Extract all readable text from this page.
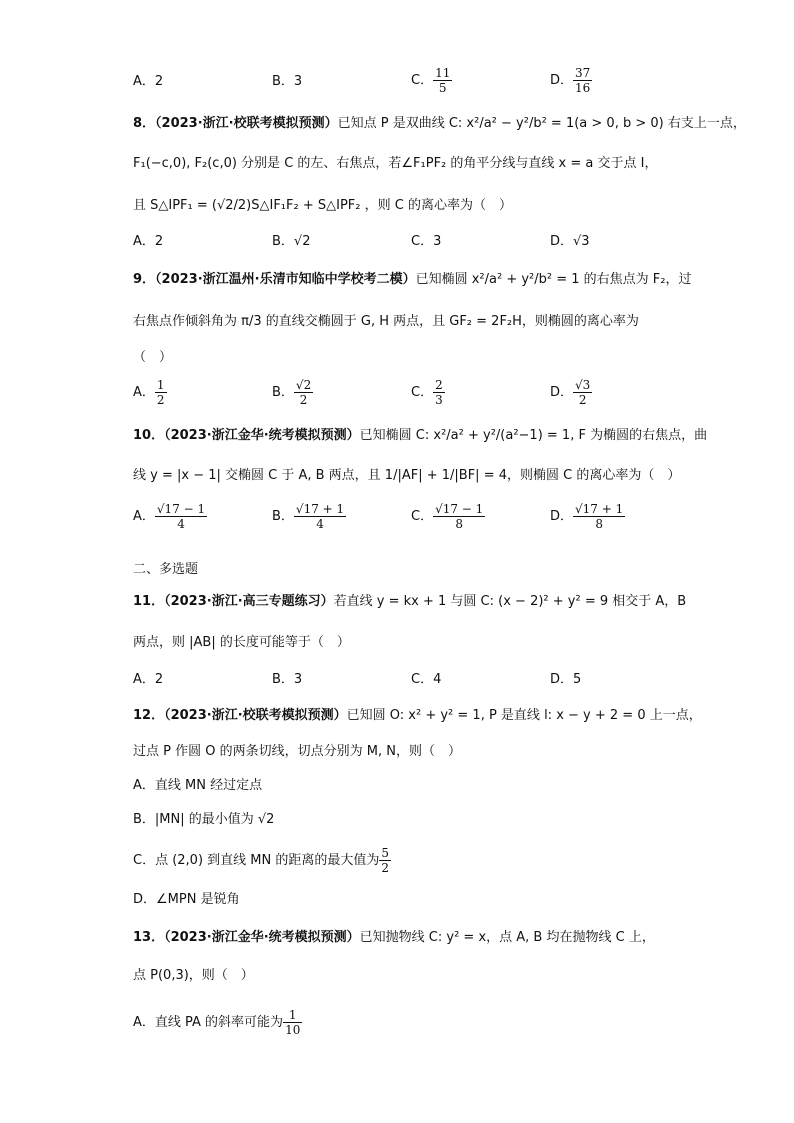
A．2	B．3	C． $\frac{11}{5}$	D． $\frac{37}{16}$
8．（2023·浙江·校联考模拟预测）已知点 P 是双曲线 C: x²/a² − y²/b² = 1(a > 0, b > 0) 右支上一点，
F₁(−c,0), F₂(c,0) 分别是 C 的左、右焦点，若∠F₁PF₂ 的角平分线与直线 x = a 交于点 I，
且 S△IPF₁ = (√2/2)S△IF₁F₂ + S△IPF₂ ，则 C 的离心率为（　）
A．2	B．√2	C．3	D．√3
9．（2023·浙江温州·乐清市知临中学校考二模）已知椭圆 x²/a² + y²/b² = 1 的右焦点为 F₂，过
右焦点作倾斜角为 π/3 的直线交椭圆于 G, H 两点，且 GF₂ = 2F₂H，则椭圆的离心率为
（　）
A． $\frac{1}{2}$	B． $\frac{√2}{2}$	C． $\frac{2}{3}$	D． $\frac{√3}{2}$
10．（2023·浙江金华·统考模拟预测）已知椭圆 C: x²/a² + y²/(a²−1) = 1, F 为椭圆的右焦点，曲
线 y = |x − 1| 交椭圆 C 于 A, B 两点，且 1/|AF| + 1/|BF| = 4，则椭圆 C 的离心率为（　）
A． $\frac{√17 - 1}{4}$	B． $\frac{√17 + 1}{4}$	C． $\frac{√17 - 1}{8}$	D． $\frac{√17 + 1}{8}$
二、多选题
11．（2023·浙江·高三专题练习）若直线 y = kx + 1 与圆 C: (x − 2)² + y² = 9 相交于 A，B
两点，则 |AB| 的长度可能等于（　）
A．2	B．3	C．4	D．5
12．（2023·浙江·校联考模拟预测）已知圆 O: x² + y² = 1, P 是直线 l: x − y + 2 = 0 上一点，
过点 P 作圆 O 的两条切线，切点分别为 M, N，则（　）
A．直线 MN 经过定点
B．|MN| 的最小值为 √2
C．点 (2,0) 到直线 MN 的距离的最大值为 $\frac{5}{2}$
D．∠MPN 是锐角
13．（2023·浙江金华·统考模拟预测）已知抛物线 C: y² = x，点 A, B 均在抛物线 C 上，
点 P(0,3)，则（　）
A．直线 PA 的斜率可能为 $\frac{1}{10}$
